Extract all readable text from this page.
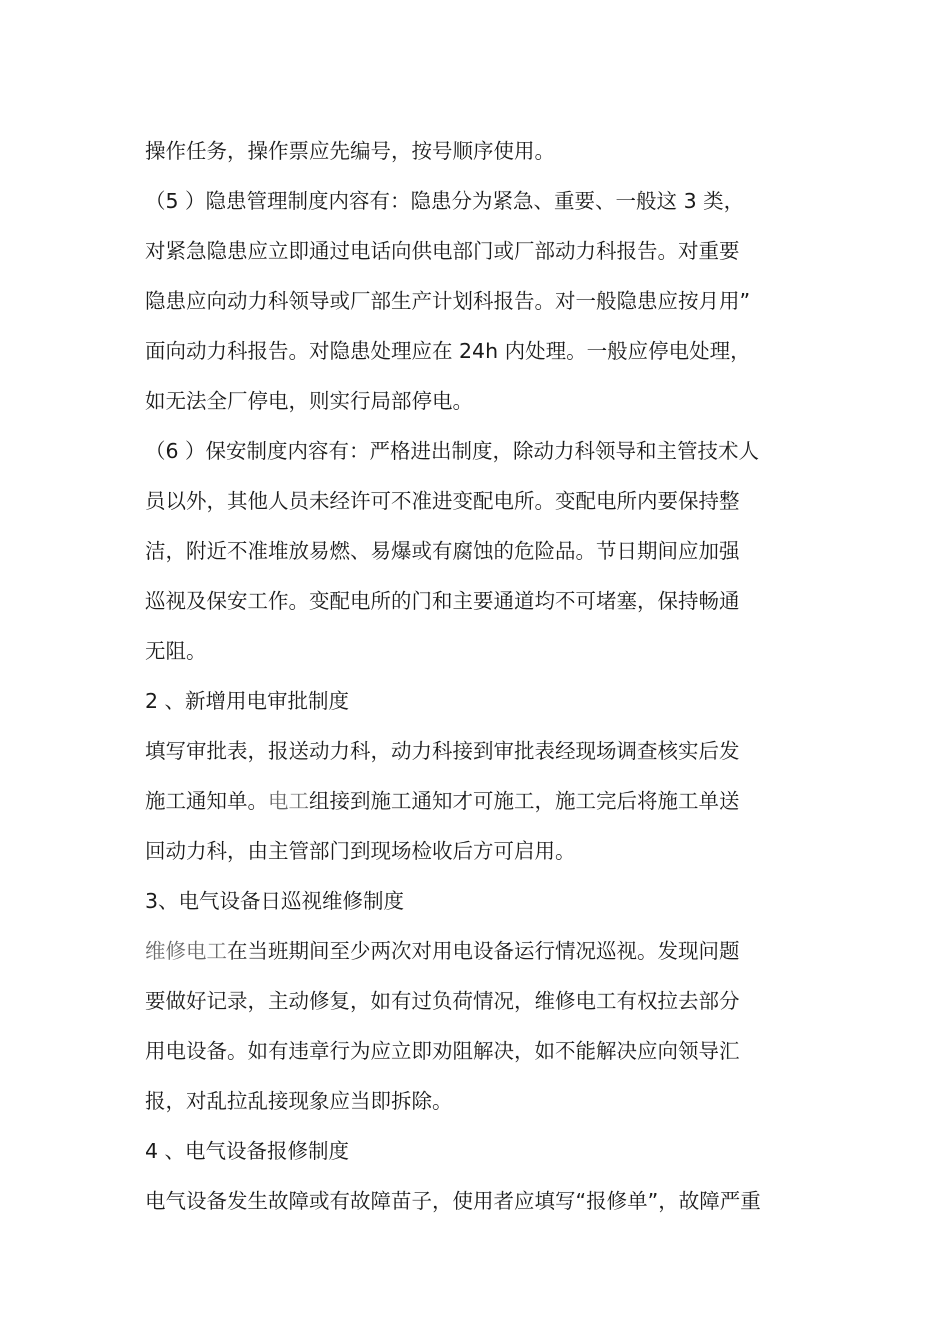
操作任务，操作票应先编号，按号顺序使用。

（5 ）隐患管理制度内容有：隐患分为紧急、重要、一般这 3 类，

对紧急隐患应立即通过电话向供电部门或厂部动力科报告。对重要

隐患应向动力科领导或厂部生产计划科报告。对一般隐患应按月用”

面向动力科报告。对隐患处理应在 24h 内处理。一般应停电处理，

如无法全厂停电，则实行局部停电。

（6 ）保安制度内容有：严格进出制度，除动力科领导和主管技术人

员以外，其他人员未经许可不准进变配电所。变配电所内要保持整

洁，附近不准堆放易燃、易爆或有腐蚀的危险品。节日期间应加强

巡视及保安工作。变配电所的门和主要通道均不可堵塞，保持畅通

无阻。

2 、新增用电审批制度

填写审批表，报送动力科，动力科接到审批表经现场调查核实后发

施工通知单。电工组接到施工通知才可施工，施工完后将施工单送

回动力科，由主管部门到现场检收后方可启用。

3、电气设备日巡视维修制度

维修电工在当班期间至少两次对用电设备运行情况巡视。发现问题

要做好记录，主动修复，如有过负荷情况，维修电工有权拉去部分

用电设备。如有违章行为应立即劝阻解决，如不能解决应向领导汇

报，对乱拉乱接现象应当即拆除。

4 、电气设备报修制度

电气设备发生故障或有故障苗子，使用者应填写“报修单”，故障严重
